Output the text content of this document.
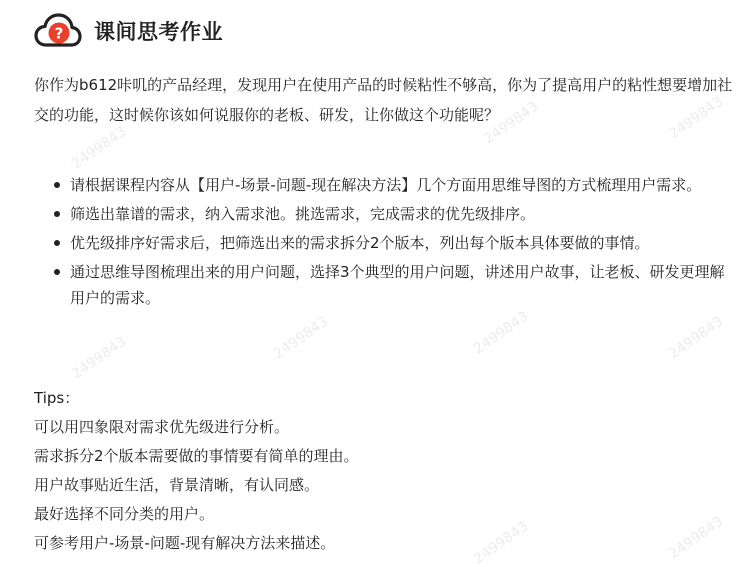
? 课间思考作业

你作为b612咔叽的产品经理，发现用户在使用产品的时候粘性不够高，你为了提高用户的粘性想要增加社交的功能，这时候你该如何说服你的老板、研发，让你做这个功能呢？

请根据课程内容从【用户-场景-问题-现在解决方法】几个方面用思维导图的方式梳理用户需求。
筛选出靠谱的需求，纳入需求池。挑选需求，完成需求的优先级排序。
优先级排序好需求后，把筛选出来的需求拆分2个版本，列出每个版本具体要做的事情。
通过思维导图梳理出来的用户问题，选择3个典型的用户问题，讲述用户故事，让老板、研发更理解用户的需求。
Tips：
可以用四象限对需求优先级进行分析。
需求拆分2个版本需要做的事情要有简单的理由。
用户故事贴近生活，背景清晰，有认同感。
最好选择不同分类的用户。
可参考用户-场景-问题-现有解决方法来描述。
2499843
2499843	2499843
2499843	2499843	2499843
2499843
2499843	2499843
